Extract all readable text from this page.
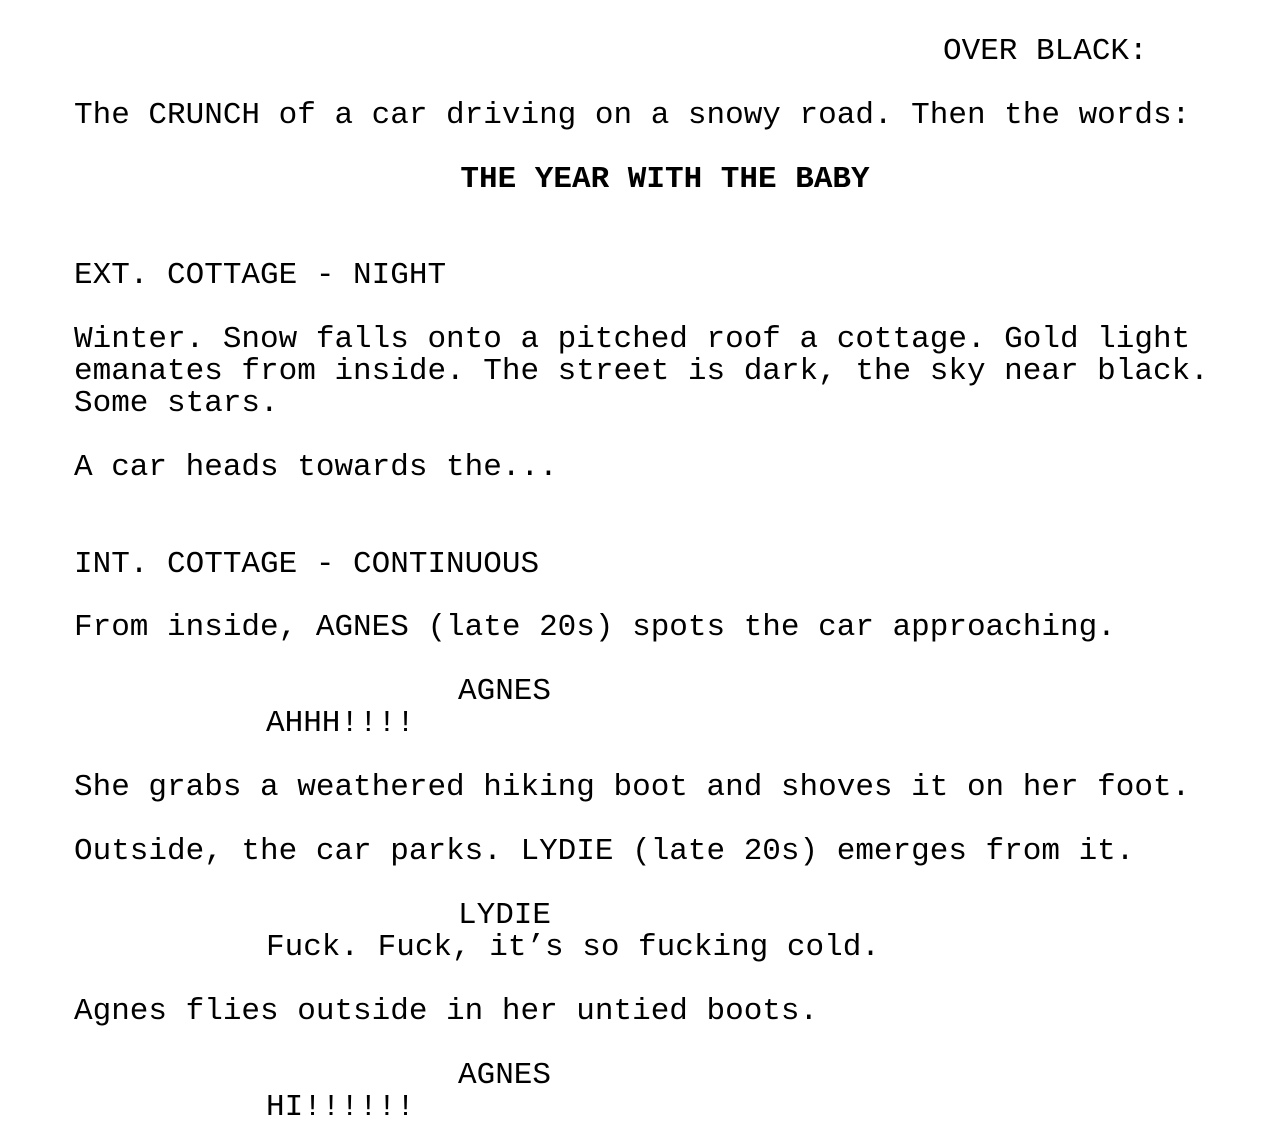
OVER BLACK:
The CRUNCH of a car driving on a snowy road. Then the words:
THE YEAR WITH THE BABY
EXT. COTTAGE - NIGHT
Winter. Snow falls onto a pitched roof a cottage. Gold light
emanates from inside. The street is dark, the sky near black.
Some stars.
A car heads towards the...
INT. COTTAGE - CONTINUOUS
From inside, AGNES (late 20s) spots the car approaching.
AGNES
AHHH!!!!
She grabs a weathered hiking boot and shoves it on her foot.
Outside, the car parks. LYDIE (late 20s) emerges from it.
LYDIE
Fuck. Fuck, it’s so fucking cold.
Agnes flies outside in her untied boots.
AGNES
HI!!!!!!
